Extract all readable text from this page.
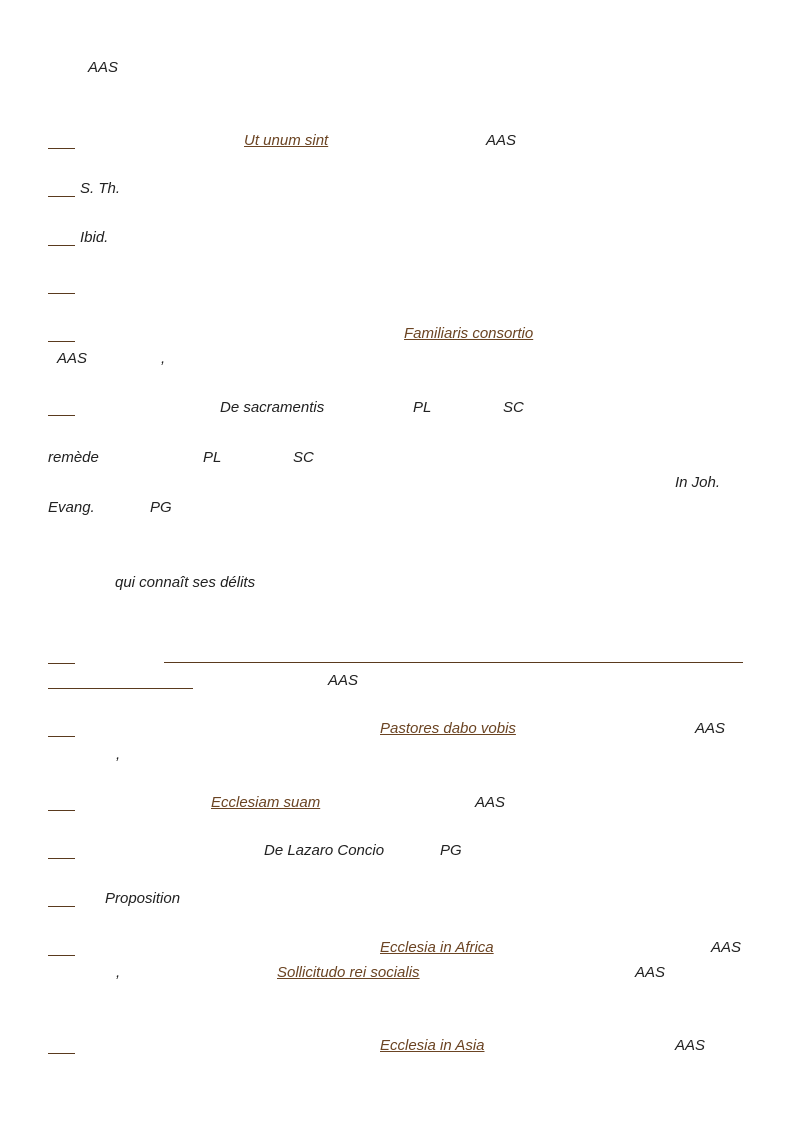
AAS
Ut unum sint	AAS
S. Th.
Ibid.
Familiaris consortio
AAS	,
De sacramentis	PL	SC
remède	PL	SC
In Joh.
Evang.	PG
qui connaît ses délits
AAS
Pastores dabo vobis	AAS
,
Ecclesiam suam	AAS
De Lazaro Concio	PG
Proposition
Ecclesia in Africa	AAS
,	Sollicitudo rei socialis	AAS
Ecclesia in Asia	AAS
